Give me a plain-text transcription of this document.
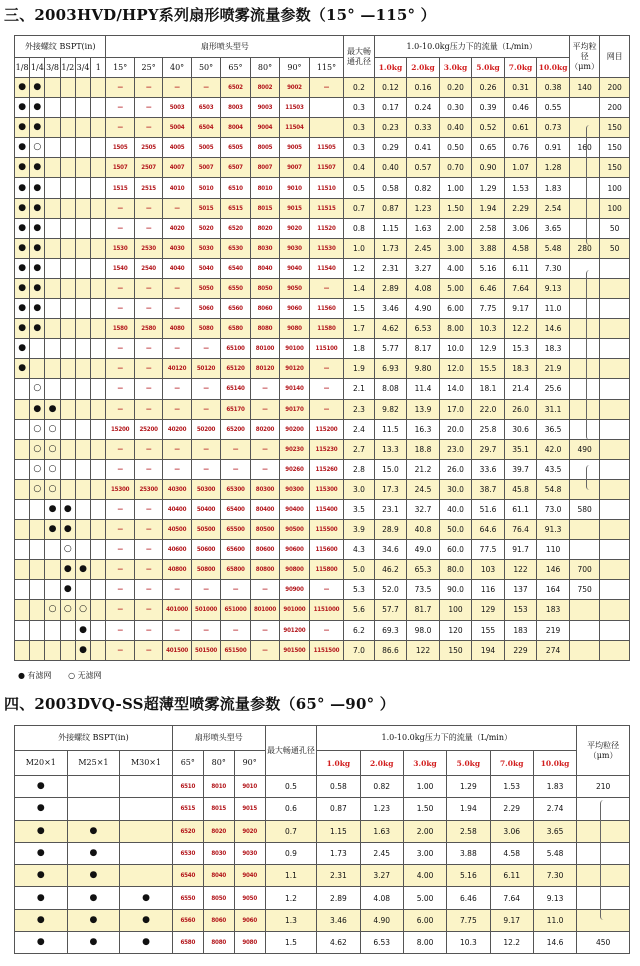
三、2003HVD/HPY系列扇形喷雾流量参数（15° —115° ）
外接螺纹 BSPT(in)						扇形喷头型号								最大畅通孔径	1.0-10.0kg压力下的流量（L/min）						平均粒径（μm）	网目
1/8	1/4	3/8	1/2	3/4	1	15°	25°	40°	50°	65°	80°	90°	115°		1.0kg	2.0kg	3.0kg	5.0kg	7.0kg	10.0kg		
●	●					—	—	—	—	6502	8002	9002	—	0.2	0.12	0.16	0.20	0.26	0.31	0.38	140	200
●	●					—	—	5003	6503	8003	9003	11503		0.3	0.17	0.24	0.30	0.39	0.46	0.55		200
●	●					—	—	5004	6504	8004	9004	11504		0.3	0.23	0.33	0.40	0.52	0.61	0.73		150
●	○					1505	2505	4005	5005	6505	8005	9005	11505	0.3	0.29	0.41	0.50	0.65	0.76	0.91	160	150
●	●					1507	2507	4007	5007	6507	8007	9007	11507	0.4	0.40	0.57	0.70	0.90	1.07	1.28		150
●	●					1515	2515	4010	5010	6510	8010	9010	11510	0.5	0.58	0.82	1.00	1.29	1.53	1.83		100
●	●					—	—	—	5015	6515	8015	9015	11515	0.7	0.87	1.23	1.50	1.94	2.29	2.54		100
●	●					—	—	4020	5020	6520	8020	9020	11520	0.8	1.15	1.63	2.00	2.58	3.06	3.65		50
●	●					1530	2530	4030	5030	6530	8030	9030	11530	1.0	1.73	2.45	3.00	3.88	4.58	5.48	280	50
●	●					1540	2540	4040	5040	6540	8040	9040	11540	1.2	2.31	3.27	4.00	5.16	6.11	7.30		
●	●					—	—	—	5050	6550	8050	9050	—	1.4	2.89	4.08	5.00	6.46	7.64	9.13		
●	●					—	—	—	5060	6560	8060	9060	11560	1.5	3.46	4.90	6.00	7.75	9.17	11.0		
●	●					1580	2580	4080	5080	6580	8080	9080	11580	1.7	4.62	6.53	8.00	10.3	12.2	14.6		
●						—	—	—	—	65100	80100	90100	115100	1.8	5.77	8.17	10.0	12.9	15.3	18.3		
●						—	—	40120	50120	65120	80120	90120	—	1.9	6.93	9.80	12.0	15.5	18.3	21.9		
	○					—	—	—	—	65140	—	90140	—	2.1	8.08	11.4	14.0	18.1	21.4	25.6		
	●	●				—	—	—	—	65170	—	90170	—	2.3	9.82	13.9	17.0	22.0	26.0	31.1		
	○	○				15200	25200	40200	50200	65200	80200	90200	115200	2.4	11.5	16.3	20.0	25.8	30.6	36.5		
	○	○				—	—	—	—	—	—	90230	115230	2.7	13.3	18.8	23.0	29.7	35.1	42.0	490	
	○	○				—	—	—	—	—	—	90260	115260	2.8	15.0	21.2	26.0	33.6	39.7	43.5		
	○	○				15300	25300	40300	50300	65300	80300	90300	115300	3.0	17.3	24.5	30.0	38.7	45.8	54.8		
		●	●			—	—	40400	50400	65400	80400	90400	115400	3.5	23.1	32.7	40.0	51.6	61.1	73.0	580	
		●	●			—	—	40500	50500	65500	80500	90500	115500	3.9	28.9	40.8	50.0	64.6	76.4	91.3		
			○			—	—	40600	50600	65600	80600	90600	115600	4.3	34.6	49.0	60.0	77.5	91.7	110		
			●	●		—	—	40800	50800	65800	80800	90800	115800	5.0	46.2	65.3	80.0	103	122	146	700	
			●			—	—	—	—	—	—	90900	—	5.3	52.0	73.5	90.0	116	137	164	750	
		○	○	○		—	—	401000	501000	651000	801000	901000	1151000	5.6	57.7	81.7	100	129	153	183		
				●		—	—	—	—	—	—	901200	—	6.2	69.3	98.0	120	155	183	219		
				●		—	—	401500	501500	651500	—	901500	1151500	7.0	86.6	122	150	194	229	274		
● 有滤网 ○ 无滤网
四、2003DVQ-SS超薄型喷雾流量参数（65° —90° ）
外接螺纹 BSPT(in)			扇形喷头型号			最大畅通孔径	1.0-10.0kg压力下的流量（L/min）						平均粒径（μm）
M20×1	M25×1	M30×1	65°	80°	90°		1.0kg	2.0kg	3.0kg	5.0kg	7.0kg	10.0kg	
●			6510	8010	9010	0.5	0.58	0.82	1.00	1.29	1.53	1.83	210
●			6515	8015	9015	0.6	0.87	1.23	1.50	1.94	2.29	2.74	
●	●		6520	8020	9020	0.7	1.15	1.63	2.00	2.58	3.06	3.65	
●	●		6530	8030	9030	0.9	1.73	2.45	3.00	3.88	4.58	5.48	
●	●		6540	8040	9040	1.1	2.31	3.27	4.00	5.16	6.11	7.30	
●	●	●	6550	8050	9050	1.2	2.89	4.08	5.00	6.46	7.64	9.13	
●	●	●	6560	8060	9060	1.3	3.46	4.90	6.00	7.75	9.17	11.0	
●	●	●	6580	8080	9080	1.5	4.62	6.53	8.00	10.3	12.2	14.6	450
